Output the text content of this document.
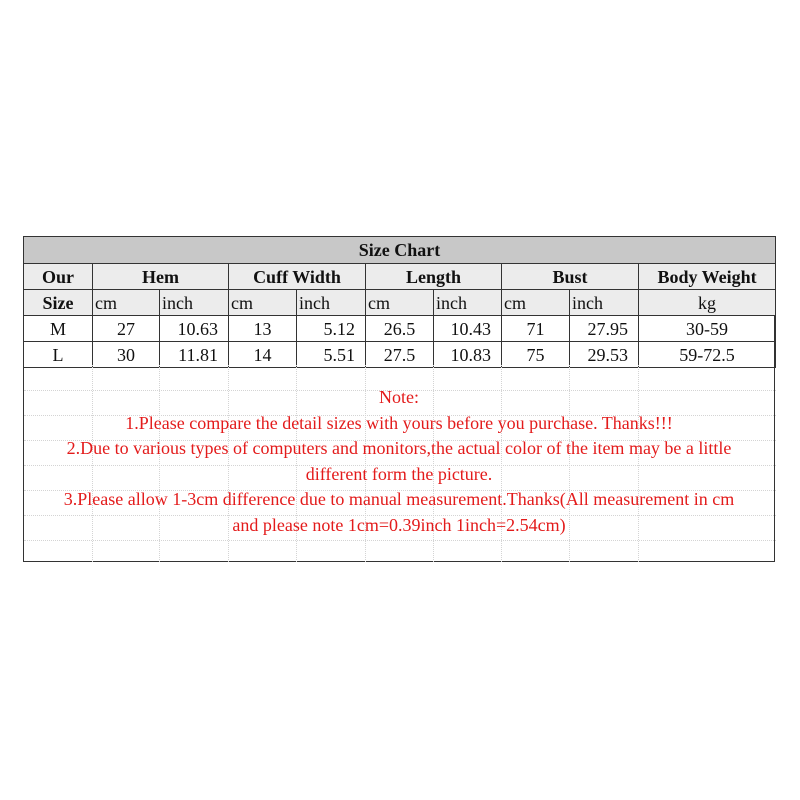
Size Chart									
Our	Hem		Cuff Width		Length		Bust		Body Weight
Size	cm	inch	cm	inch	cm	inch	cm	inch	kg
M	27	10.63	13	5.12	26.5	10.43	71	27.95	30-59
L	30	11.81	14	5.51	27.5	10.83	75	29.53	59-72.5
Note:
1.Please compare the detail sizes with yours before you purchase. Thanks!!!
2.Due to various types of computers and monitors,the actual color of the item may be a little
different form the picture.
3.Please allow 1-3cm difference due to manual measurement.Thanks(All measurement in cm
and please note 1cm=0.39inch 1inch=2.54cm)
